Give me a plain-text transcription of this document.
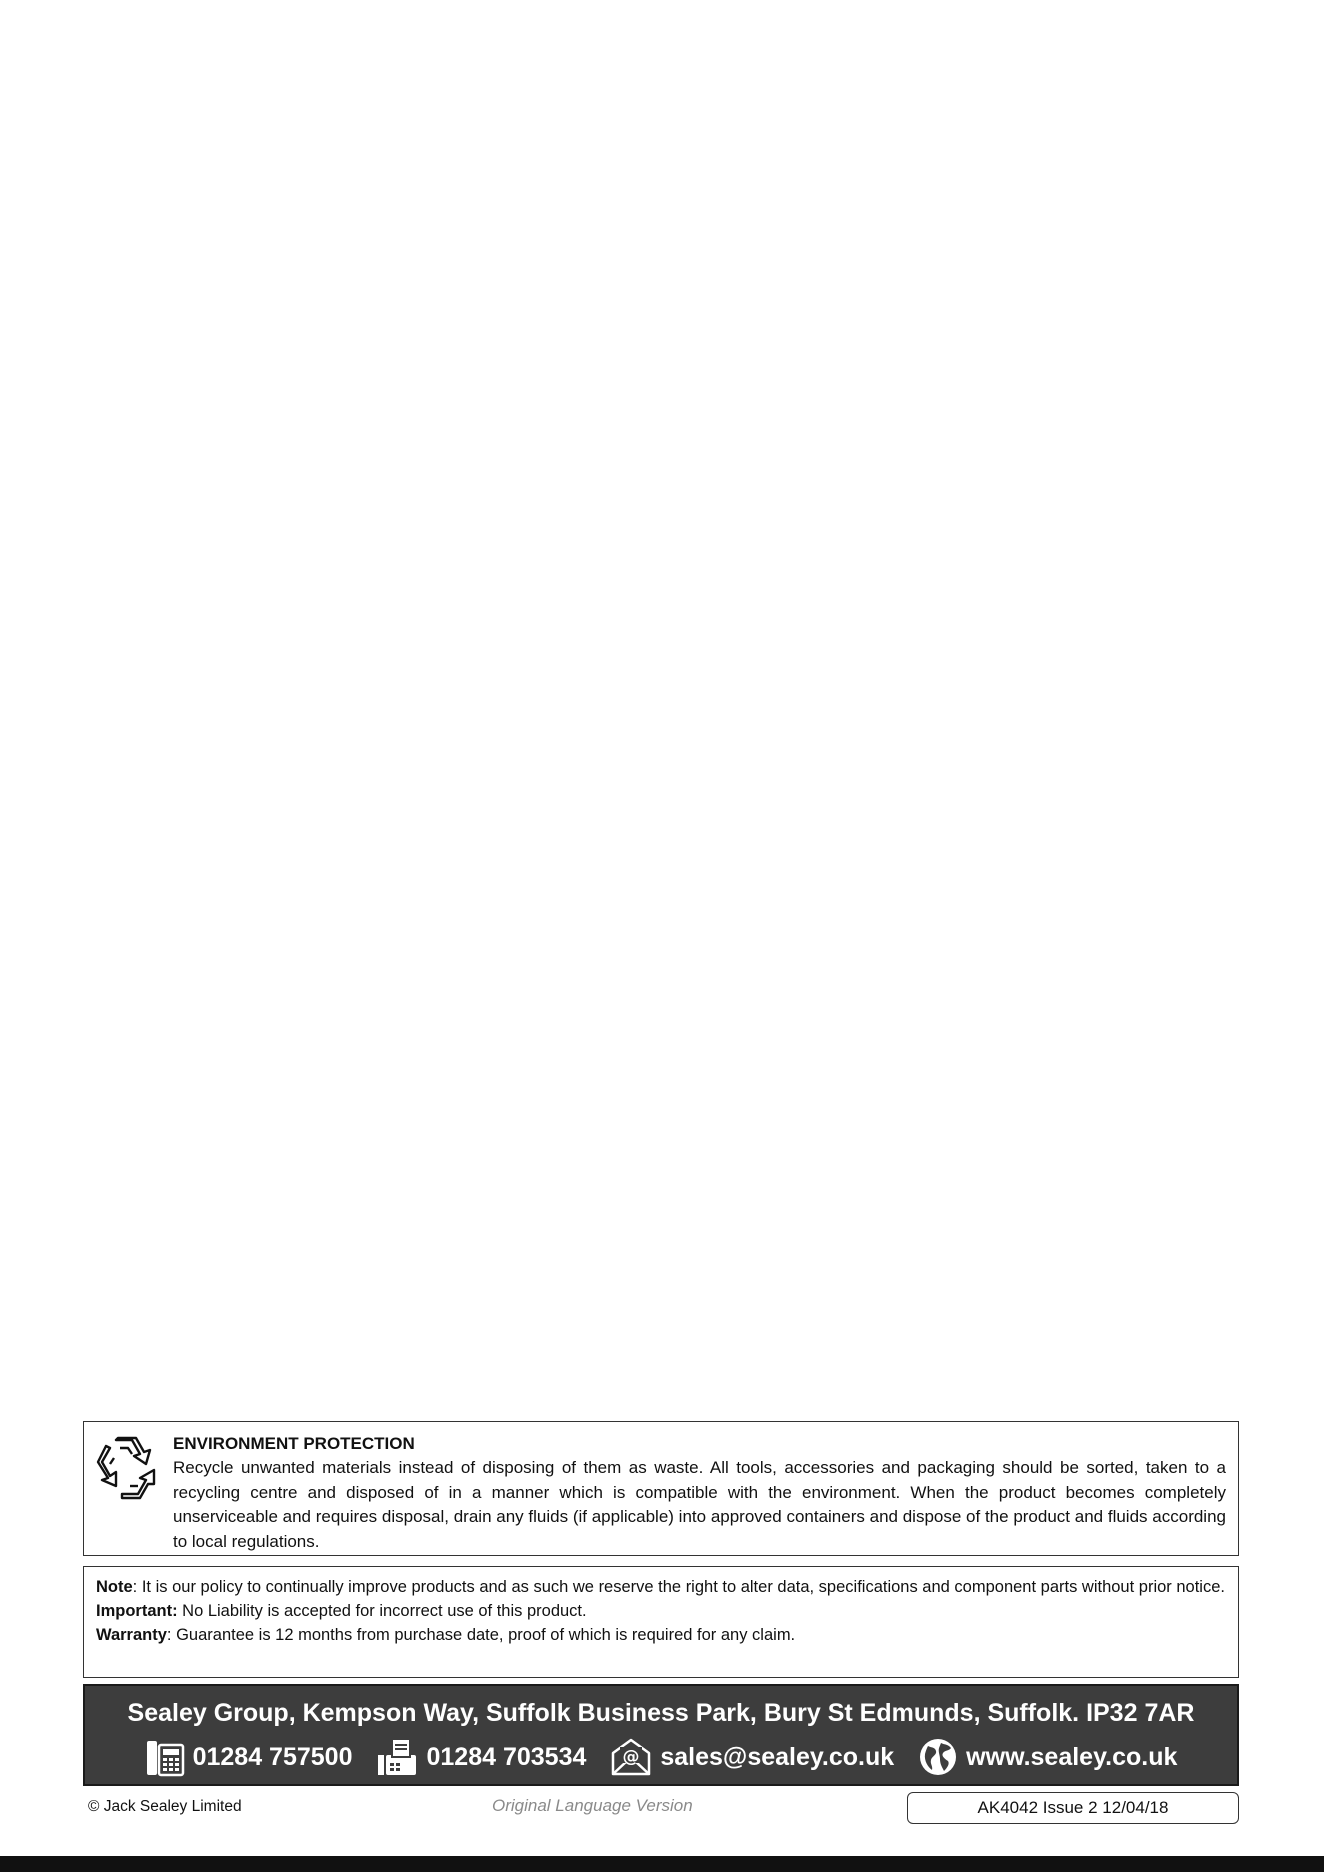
ENVIRONMENT PROTECTION
Recycle unwanted materials instead of disposing of them as waste. All tools, accessories and packaging should be sorted, taken to a recycling centre and disposed of in a manner which is compatible with the environment. When the product becomes completely unserviceable and requires disposal, drain any fluids (if applicable) into approved containers and dispose of the product and fluids according to local regulations.

Note: It is our policy to continually improve products and as such we reserve the right to alter data, specifications and component parts without prior notice.

Important: No Liability is accepted for incorrect use of this product.

Warranty: Guarantee is 12 months from purchase date, proof of which is required for any claim.

Sealey Group, Kempson Way, Suffolk Business Park, Bury St Edmunds, Suffolk. IP32 7AR
01284 757500	01284 703534 @ sales@sealey.co.uk	www.sealey.co.uk
© Jack Sealey Limited	Original Language Version	AK4042 Issue 2 12/04/18
